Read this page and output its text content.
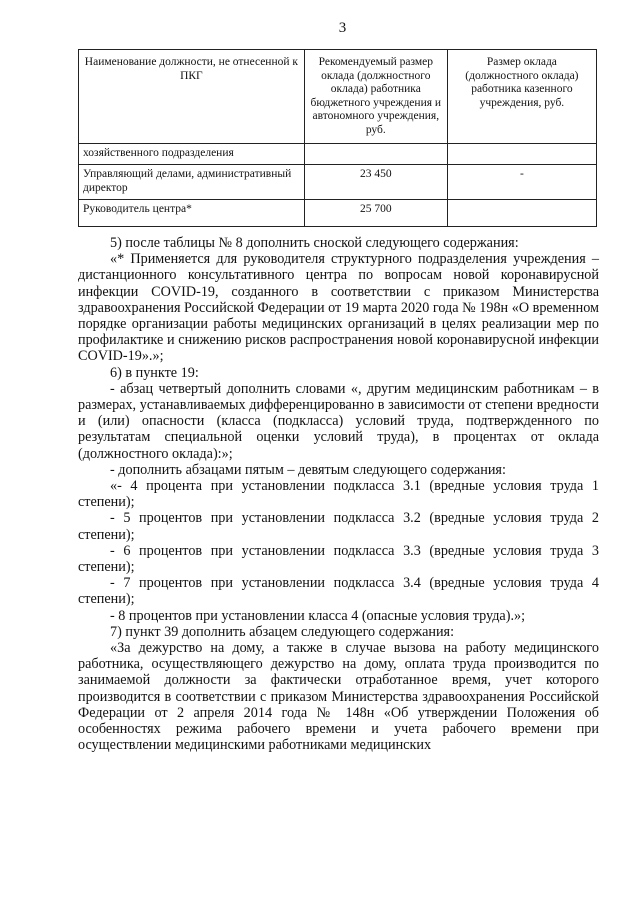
3
Наименование должности, не отнесенной к ПКГ	Рекомендуемый размер оклада (должностного оклада) работника бюджетного учреждения и автономного учреждения, руб.	Размер оклада (должностного оклада) работника казенного учреждения, руб.
хозяйственного подразделения		
Управляющий делами, административный директор	23 450	-
Руководитель центра*	25 700	

5) после таблицы № 8 дополнить сноской следующего содержания:

«* Применяется для руководителя структурного подразделения учреждения – дистанционного консультативного центра по вопросам новой коронавирусной инфекции COVID-19, созданного в соответствии с приказом Министерства здравоохранения Российской Федерации от 19 марта 2020 года № 198н «О временном порядке организации работы медицинских организаций в целях реализации мер по профилактике и снижению рисков распространения новой коронавирусной инфекции COVID-19».»;

6) в пункте 19:

- абзац четвертый дополнить словами «, другим медицинским работникам – в размерах, устанавливаемых дифференцированно в зависимости от степени вредности и (или) опасности (класса (подкласса) условий труда, подтвержденного по результатам специальной оценки условий труда), в процентах от оклада (должностного оклада):»;

- дополнить абзацами пятым – девятым следующего содержания:

«- 4 процента при установлении подкласса 3.1 (вредные условия труда 1 степени);

- 5 процентов при установлении подкласса 3.2 (вредные условия труда 2 степени);

- 6 процентов при установлении подкласса 3.3 (вредные условия труда 3 степени);

- 7 процентов при установлении подкласса 3.4 (вредные условия труда 4 степени);

- 8 процентов при установлении класса 4 (опасные условия труда).»;

7) пункт 39 дополнить абзацем следующего содержания:

«За дежурство на дому, а также в случае вызова на работу медицинского работника, осуществляющего дежурство на дому, оплата труда производится по занимаемой должности за фактически отработанное время, учет которого производится в соответствии с приказом Министерства здравоохранения Российской Федерации от 2 апреля 2014 года № 148н «Об утверждении Положения об особенностях режима рабочего времени и учета рабочего времени при осуществлении медицинскими работниками медицинских
